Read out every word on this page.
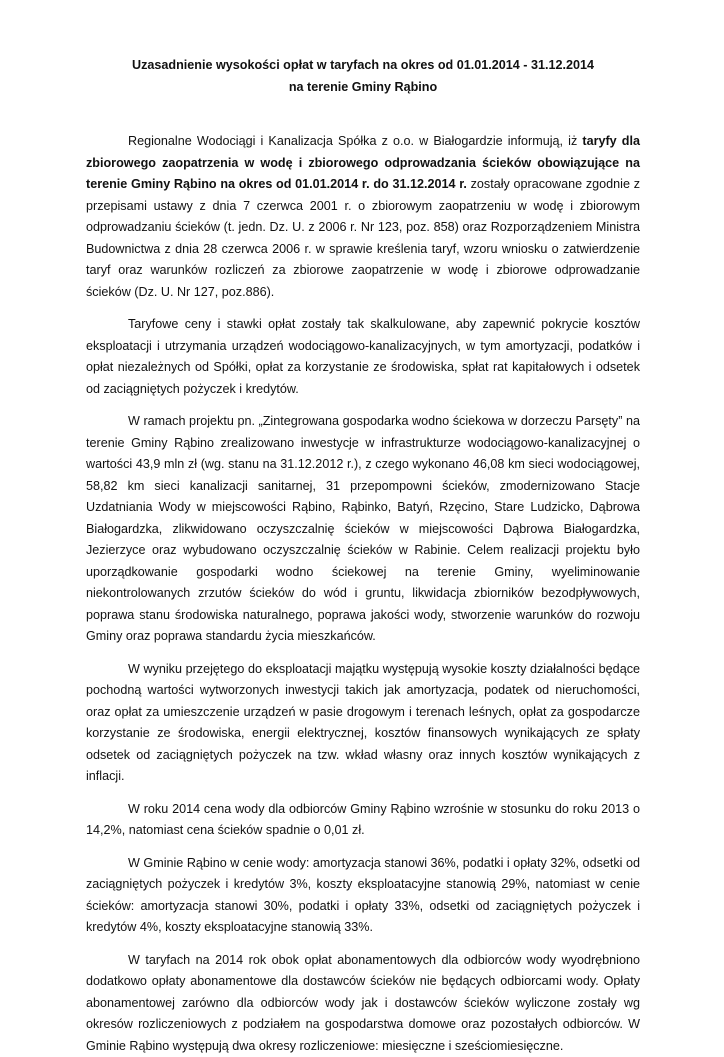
Uzasadnienie wysokości opłat w taryfach na okres od 01.01.2014 - 31.12.2014
na terenie Gminy Rąbino

Regionalne Wodociągi i Kanalizacja Spółka z o.o. w Białogardzie informują, iż taryfy dla zbiorowego zaopatrzenia w wodę i zbiorowego odprowadzania ścieków obowiązujące na terenie Gminy Rąbino na okres od 01.01.2014 r. do 31.12.2014 r. zostały opracowane zgodnie z przepisami ustawy z dnia 7 czerwca 2001 r. o zbiorowym zaopatrzeniu w wodę i zbiorowym odprowadzaniu ścieków (t. jedn. Dz. U. z 2006 r. Nr 123, poz. 858) oraz Rozporządzeniem Ministra Budownictwa z dnia 28 czerwca 2006 r. w sprawie kreślenia taryf, wzoru wniosku o zatwierdzenie taryf oraz warunków rozliczeń za zbiorowe zaopatrzenie w wodę i zbiorowe odprowadzanie ścieków (Dz. U. Nr 127, poz.886).

Taryfowe ceny i stawki opłat zostały tak skalkulowane, aby zapewnić pokrycie kosztów eksploatacji i utrzymania urządzeń wodociągowo-kanalizacyjnych, w tym amortyzacji, podatków i opłat niezależnych od Spółki, opłat za korzystanie ze środowiska, spłat rat kapitałowych i odsetek od zaciągniętych pożyczek i kredytów.

W ramach projektu pn. „Zintegrowana gospodarka wodno ściekowa w dorzeczu Parsęty” na terenie Gminy Rąbino zrealizowano inwestycje w infrastrukturze wodociągowo-kanalizacyjnej o wartości 43,9 mln zł (wg. stanu na 31.12.2012 r.), z czego wykonano 46,08 km sieci wodociągowej, 58,82 km sieci kanalizacji sanitarnej, 31 przepompowni ścieków, zmodernizowano Stacje Uzdatniania Wody w miejscowości Rąbino, Rąbinko, Batyń, Rzęcino, Stare Ludzicko, Dąbrowa Białogardzka, zlikwidowano oczyszczalnię ścieków w miejscowości Dąbrowa Białogardzka, Jezierzyce oraz wybudowano oczyszczalnię ścieków w Rabinie. Celem realizacji projektu było uporządkowanie gospodarki wodno ściekowej na terenie Gminy, wyeliminowanie niekontrolowanych zrzutów ścieków do wód i gruntu, likwidacja zbiorników bezodpływowych, poprawa stanu środowiska naturalnego, poprawa jakości wody, stworzenie warunków do rozwoju Gminy oraz poprawa standardu życia mieszkańców.

W wyniku przejętego do eksploatacji majątku występują wysokie koszty działalności będące pochodną wartości wytworzonych inwestycji takich jak amortyzacja, podatek od nieruchomości, oraz opłat za umieszczenie urządzeń w pasie drogowym i terenach leśnych, opłat za gospodarcze korzystanie ze środowiska, energii elektrycznej, kosztów finansowych wynikających ze spłaty odsetek od zaciągniętych pożyczek na tzw. wkład własny oraz innych kosztów wynikających z inflacji.

W roku 2014 cena wody dla odbiorców Gminy Rąbino wzrośnie w stosunku do roku 2013 o 14,2%, natomiast cena ścieków spadnie o 0,01 zł.

W Gminie Rąbino w cenie wody: amortyzacja stanowi 36%, podatki i opłaty 32%, odsetki od zaciągniętych pożyczek i kredytów 3%, koszty eksploatacyjne stanowią 29%, natomiast w cenie ścieków: amortyzacja stanowi 30%, podatki i opłaty 33%, odsetki od zaciągniętych pożyczek i kredytów 4%, koszty eksploatacyjne stanowią 33%.

W taryfach na 2014 rok obok opłat abonamentowych dla odbiorców wody wyodrębniono dodatkowo opłaty abonamentowe dla dostawców ścieków nie będących odbiorcami wody. Opłaty abonamentowej zarówno dla odbiorców wody jak i dostawców ścieków wyliczone zostały wg okresów rozliczeniowych z podziałem na gospodarstwa domowe oraz pozostałych odbiorców. W Gminie Rąbino występują dwa okresy rozliczeniowe: miesięczne i sześciomiesięczne.
